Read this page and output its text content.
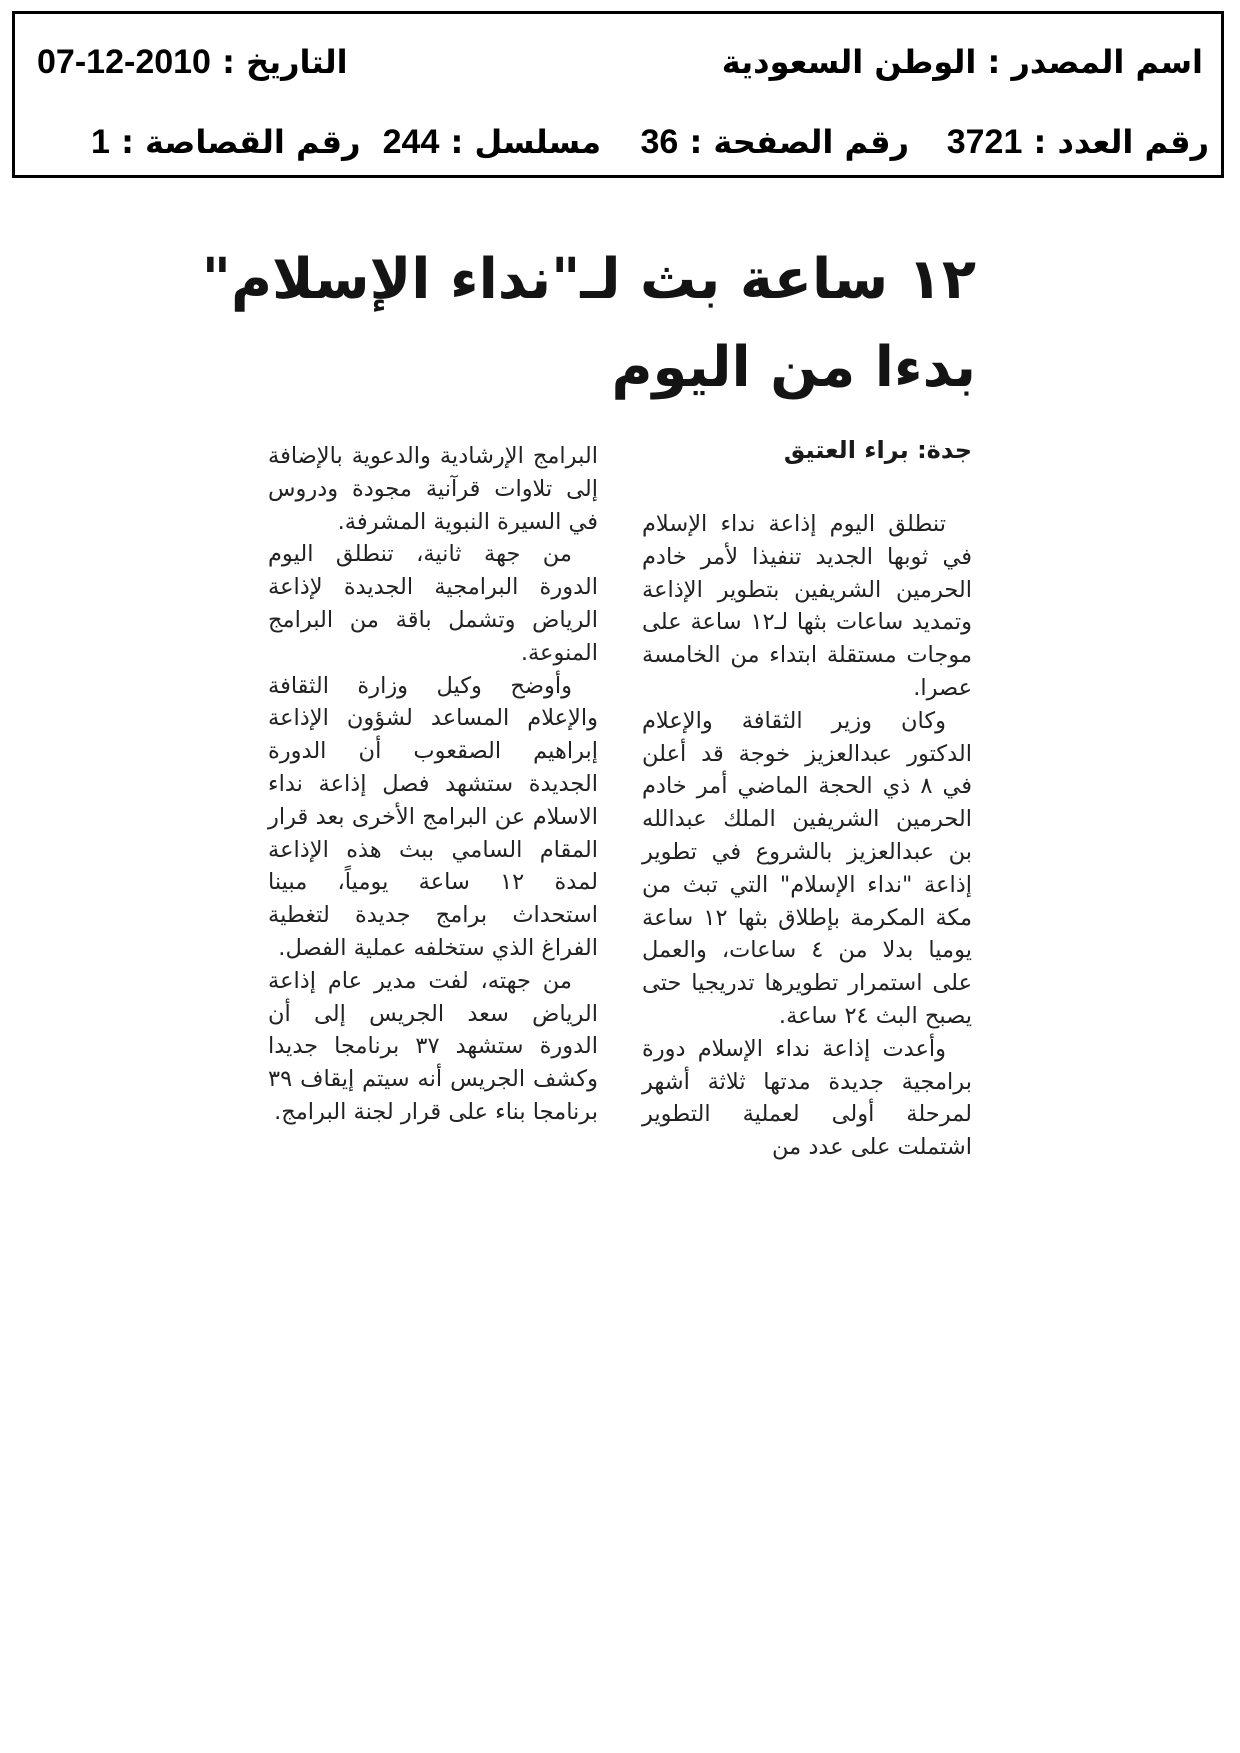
اسم المصدر : الوطن السعودية
التاريخ : 2010-12-07
رقم العدد : 3721
رقم الصفحة : 36
مسلسل : 244
رقم القصاصة : 1
١٢ ساعة بث لـ"نداء الإسلام"
بدءا من اليوم
جدة: براء العتيق

تنطلق اليوم إذاعة نداء الإسلام في ثوبها الجديد تنفيذا لأمر خادم الحرمين الشريفين بتطوير الإذاعة وتمديد ساعات بثها لـ١٢ ساعة على موجات مستقلة ابتداء من الخامسة عصرا.

وكان وزير الثقافة والإعلام الدكتور عبدالعزيز خوجة قد أعلن في ٨ ذي الحجة الماضي أمر خادم الحرمين الشريفين الملك عبدالله بن عبدالعزيز بالشروع في تطوير إذاعة "نداء الإسلام" التي تبث من مكة المكرمة بإطلاق بثها ١٢ ساعة يوميا بدلا من ٤ ساعات، والعمل على استمرار تطويرها تدريجيا حتى يصبح البث ٢٤ ساعة.

وأعدت إذاعة نداء الإسلام دورة برامجية جديدة مدتها ثلاثة أشهر لمرحلة أولى لعملية التطوير اشتملت على عدد من

البرامج الإرشادية والدعوية بالإضافة إلى تلاوات قرآنية مجودة ودروس في السيرة النبوية المشرفة.

من جهة ثانية، تنطلق اليوم الدورة البرامجية الجديدة لإذاعة الرياض وتشمل باقة من البرامج المنوعة.

وأوضح وكيل وزارة الثقافة والإعلام المساعد لشؤون الإذاعة إبراهيم الصقعوب أن الدورة الجديدة ستشهد فصل إذاعة نداء الاسلام عن البرامج الأخرى بعد قرار المقام السامي ببث هذه الإذاعة لمدة ١٢ ساعة يومياً، مبينا استحداث برامج جديدة لتغطية الفراغ الذي ستخلفه عملية الفصل.

من جهته، لفت مدير عام إذاعة الرياض سعد الجريس إلى أن الدورة ستشهد ٣٧ برنامجا جديدا وكشف الجريس أنه سيتم إيقاف ٣٩ برنامجا بناء على قرار لجنة البرامج.
